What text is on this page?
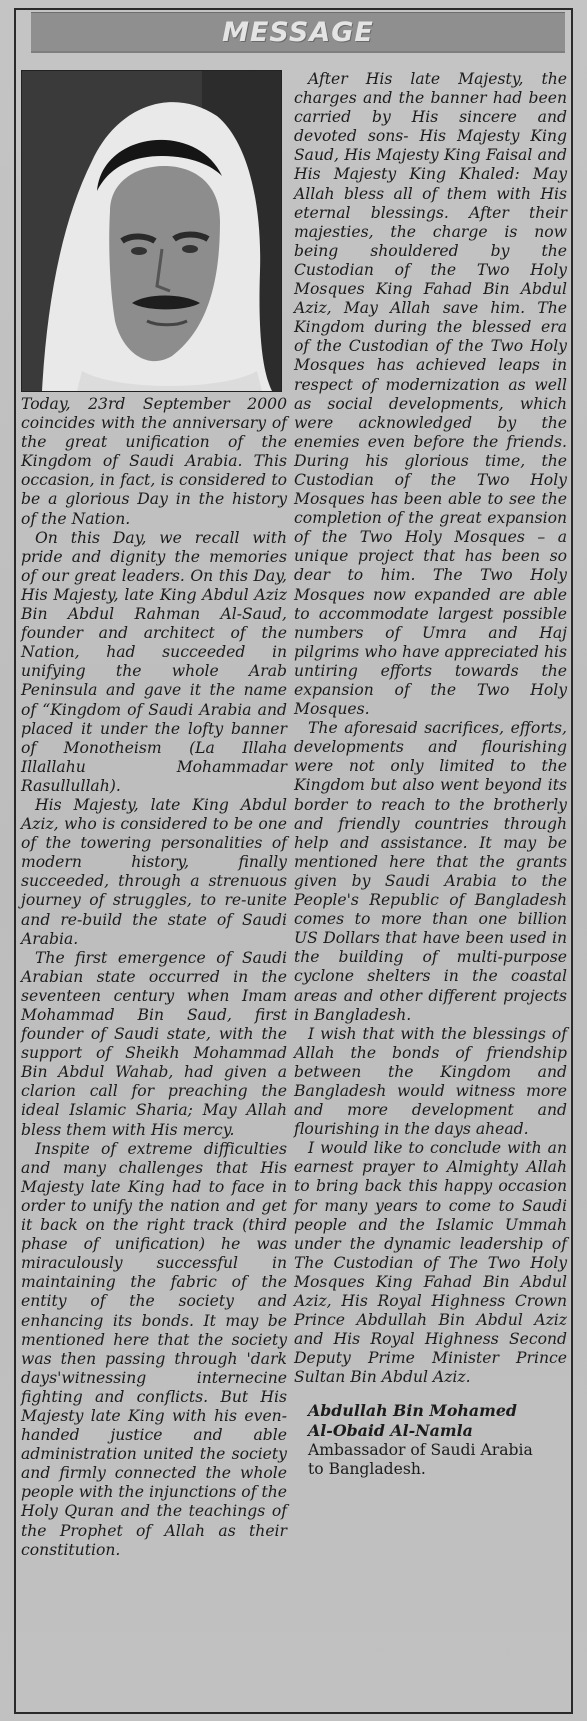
MESSAGE

Today, 23rd September 2000 coincides with the anniversary of the great unification of the Kingdom of Saudi Arabia. This occasion, in fact, is considered to be a glorious Day in the history of the Nation.

On this Day, we recall with pride and dignity the memories of our great leaders. On this Day, His Majesty, late King Abdul Aziz Bin Abdul Rahman Al-Saud, founder and architect of the Nation, had succeeded in unifying the whole Arab Peninsula and gave it the name of “Kingdom of Saudi Arabia and placed it under the lofty banner of Monotheism (La Illaha Illallahu Mohammadar Rasullullah).

His Majesty, late King Abdul Aziz, who is considered to be one of the towering personalities of modern history, finally succeeded, through a strenuous journey of struggles, to re-unite and re-build the state of Saudi Arabia.

The first emergence of Saudi Arabian state occurred in the seventeen century when Imam Mohammad Bin Saud, first founder of Saudi state, with the support of Sheikh Mohammad Bin Abdul Wahab, had given a clarion call for preaching the ideal Islamic Sharia; May Allah bless them with His mercy.

Inspite of extreme difficulties and many challenges that His Majesty late King had to face in order to unify the nation and get it back on the right track (third phase of unification) he was miraculously successful in maintaining the fabric of the entity of the society and enhancing its bonds. It may be mentioned here that the society was then passing through 'dark days'witnessing internecine fighting and conflicts. But His Majesty late King with his even-handed justice and able administration united the society and firmly connected the whole people with the injunctions of the Holy Quran and the teachings of the Prophet of Allah as their constitution.

After His late Majesty, the charges and the banner had been carried by His sincere and devoted sons- His Majesty King Saud, His Majesty King Faisal and His Majesty King Khaled: May Allah bless all of them with His eternal blessings. After their majesties, the charge is now being shouldered by the Custodian of the Two Holy Mosques King Fahad Bin Abdul Aziz, May Allah save him. The Kingdom during the blessed era of the Custodian of the Two Holy Mosques has achieved leaps in respect of modernization as well as social developments, which were acknowledged by the enemies even before the friends. During his glorious time, the Custodian of the Two Holy Mosques has been able to see the completion of the great expansion of the Two Holy Mosques – a unique project that has been so dear to him. The Two Holy Mosques now expanded are able to accommodate largest possible numbers of Umra and Haj pilgrims who have appreciated his untiring efforts towards the expansion of the Two Holy Mosques.

The aforesaid sacrifices, efforts, developments and flourishing were not only limited to the Kingdom but also went beyond its border to reach to the brotherly and friendly countries through help and assistance. It may be mentioned here that the grants given by Saudi Arabia to the People's Republic of Bangladesh comes to more than one billion US Dollars that have been used in the building of multi-purpose cyclone shelters in the coastal areas and other different projects in Bangladesh.

I wish that with the blessings of Allah the bonds of friendship between the Kingdom and Bangladesh would witness more and more development and flourishing in the days ahead.

I would like to conclude with an earnest prayer to Almighty Allah to bring back this happy occasion for many years to come to Saudi people and the Islamic Ummah under the dynamic leadership of The Custodian of The Two Holy Mosques King Fahad Bin Abdul Aziz, His Royal Highness Crown Prince Abdullah Bin Abdul Aziz and His Royal Highness Second Deputy Prime Minister Prince Sultan Bin Abdul Aziz.

Abdullah Bin Mohamed

Al-Obaid Al-Namla

Ambassador of Saudi Arabia

to Bangladesh.
